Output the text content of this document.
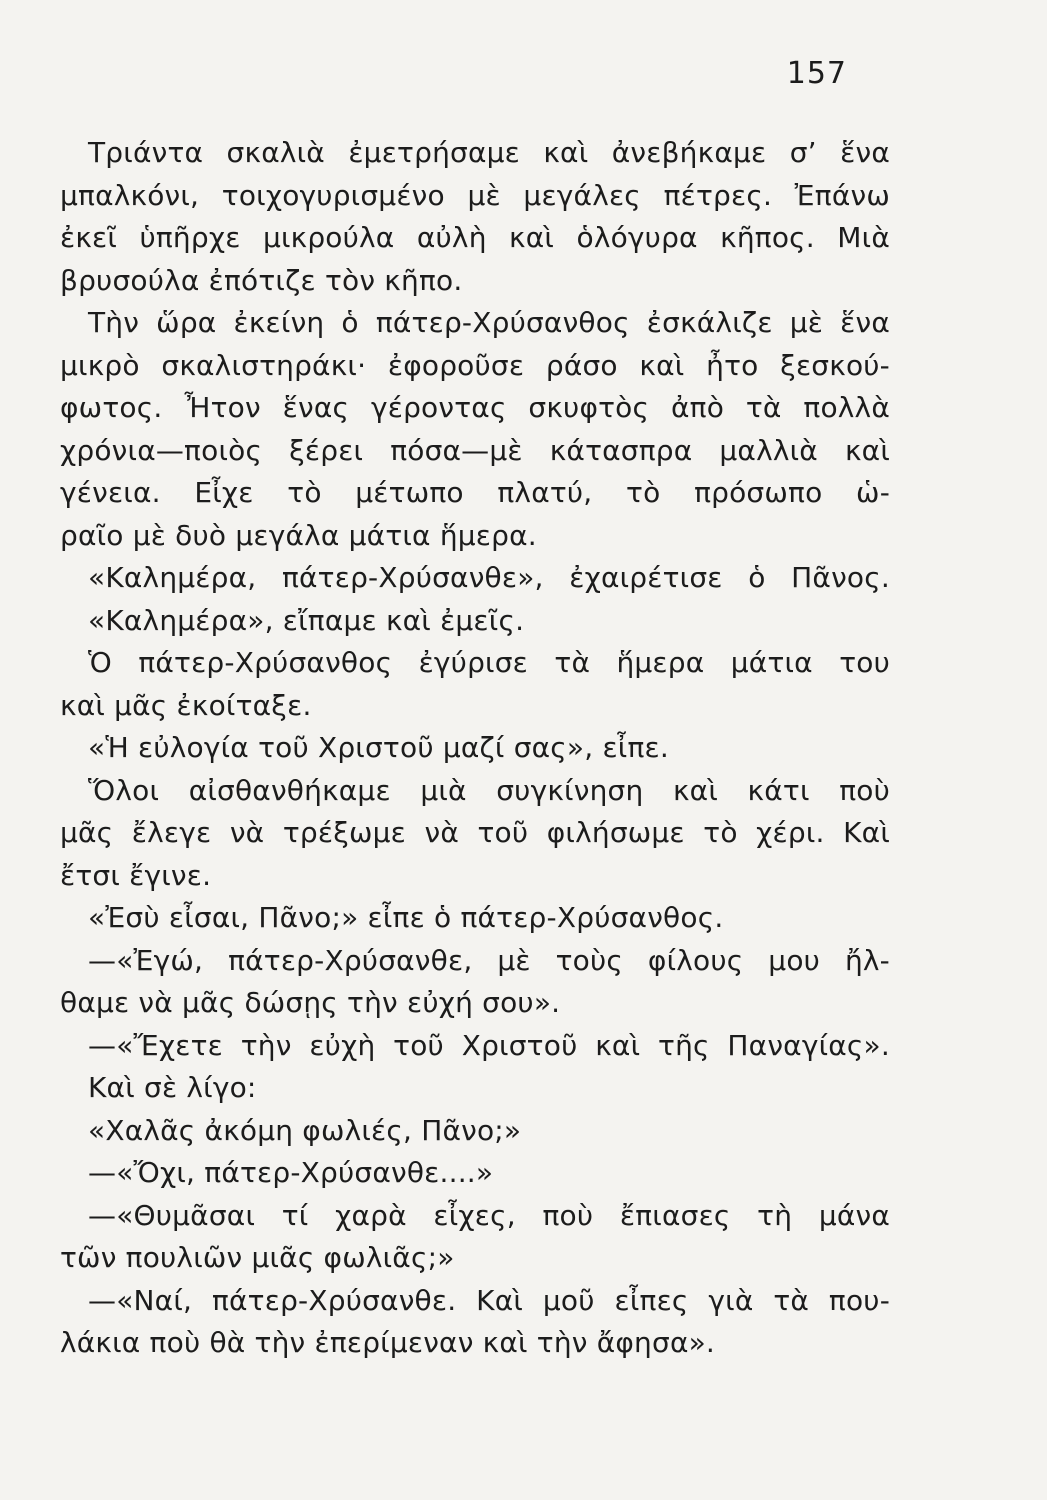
157
Τριάντα σκαλιὰ ἐμετρήσαμε καὶ ἀνεβήκαμε σ’ ἕνα
μπαλκόνι, τοιχογυρισμένο μὲ μεγάλες πέτρες. Ἐπάνω
ἐκεῖ ὑπῆρχε μικρούλα αὐλὴ καὶ ὁλόγυρα κῆπος. Μιὰ
βρυσούλα ἐπότιζε τὸν κῆπο.
Τὴν ὥρα ἐκείνη ὁ πάτερ-Χρύσανθος ἐσκάλιζε μὲ ἕνα
μικρὸ σκαλιστηράκι· ἐφοροῦσε ράσο καὶ ἦτο ξεσκού-
φωτος. Ἦτον ἕνας γέροντας σκυφτὸς ἀπὸ τὰ πολλὰ
χρόνια—ποιὸς ξέρει πόσα—μὲ κάτασπρα μαλλιὰ καὶ
γένεια. Εἶχε τὸ μέτωπο πλατύ, τὸ πρόσωπο ὡ-
ραῖο μὲ δυὸ μεγάλα μάτια ἥμερα.
«Καλημέρα, πάτερ-Χρύσανθε», ἐχαιρέτισε ὁ Πᾶνος.
«Καλημέρα», εἴπαμε καὶ ἐμεῖς.
Ὁ πάτερ-Χρύσανθος ἐγύρισε τὰ ἥμερα μάτια του
καὶ μᾶς ἐκοίταξε.
«Ἡ εὐλογία τοῦ Χριστοῦ μαζί σας», εἶπε.
Ὅλοι αἰσθανθήκαμε μιὰ συγκίνηση καὶ κάτι ποὺ
μᾶς ἔλεγε νὰ τρέξωμε νὰ τοῦ φιλήσωμε τὸ χέρι. Καὶ
ἔτσι ἔγινε.
«Ἐσὺ εἶσαι, Πᾶνο;» εἶπε ὁ πάτερ-Χρύσανθος.
—«Ἐγώ, πάτερ-Χρύσανθε, μὲ τοὺς φίλους μου ἤλ-
θαμε νὰ μᾶς δώσῃς τὴν εὐχή σου».
—«Ἔχετε τὴν εὐχὴ τοῦ Χριστοῦ καὶ τῆς Παναγίας».
Καὶ σὲ λίγο:
«Χαλᾶς ἀκόμη φωλιές, Πᾶνο;»
—«Ὄχι, πάτερ-Χρύσανθε....»
—«Θυμᾶσαι τί χαρὰ εἶχες, ποὺ ἔπιασες τὴ μάνα
τῶν πουλιῶν μιᾶς φωλιᾶς;»
—«Ναί, πάτερ-Χρύσανθε. Καὶ μοῦ εἶπες γιὰ τὰ που-
λάκια ποὺ θὰ τὴν ἐπερίμεναν καὶ τὴν ἄφησα».
